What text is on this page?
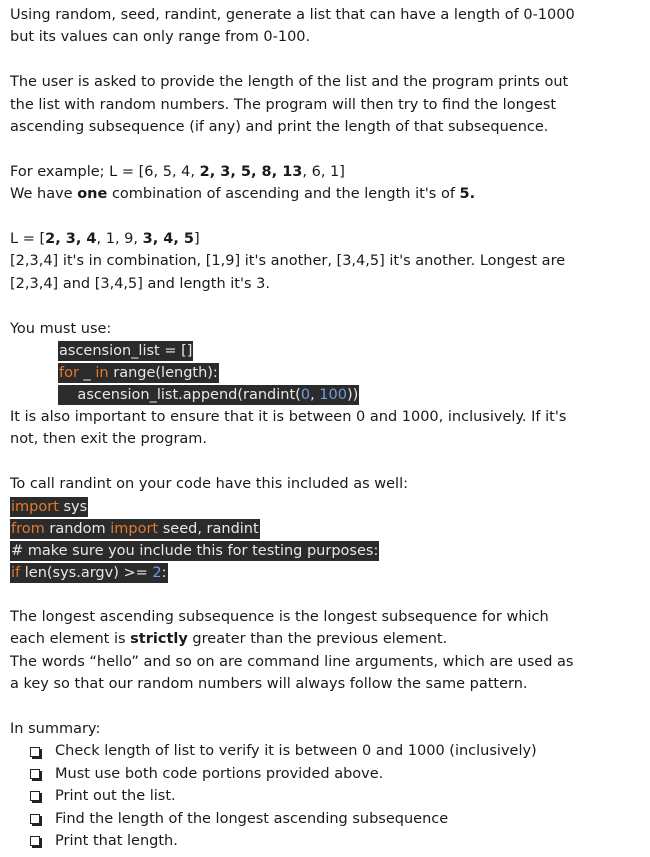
Using random, seed, randint, generate a list that can have a length of 0-1000
but its values can only range from 0-100.
The user is asked to provide the length of the list and the program prints out
the list with random numbers. The program will then try to find the longest
ascending subsequence (if any) and print the length of that subsequence.
For example; L = [6, 5, 4, 2, 3, 5, 8, 13, 6, 1]
We have one combination of ascending and the length it's of 5.
L = [2, 3, 4, 1, 9, 3, 4, 5]
[2,3,4] it's in combination, [1,9] it's another, [3,4,5] it's another. Longest are
[2,3,4] and [3,4,5] and length it's 3.
You must use:
ascension_list = []
for _ in range(length):
ascension_list.append(randint(0, 100))
It is also important to ensure that it is between 0 and 1000, inclusively. If it's
not, then exit the program.
To call randint on your code have this included as well:
import sys
from random import seed, randint
# make sure you include this for testing purposes:
if len(sys.argv) >= 2:
The longest ascending subsequence is the longest subsequence for which
each element is strictly greater than the previous element.
The words “hello” and so on are command line arguments, which are used as
a key so that our random numbers will always follow the same pattern.
In summary:
Check length of list to verify it is between 0 and 1000 (inclusively)
Must use both code portions provided above.
Print out the list.
Find the length of the longest ascending subsequence
Print that length.
